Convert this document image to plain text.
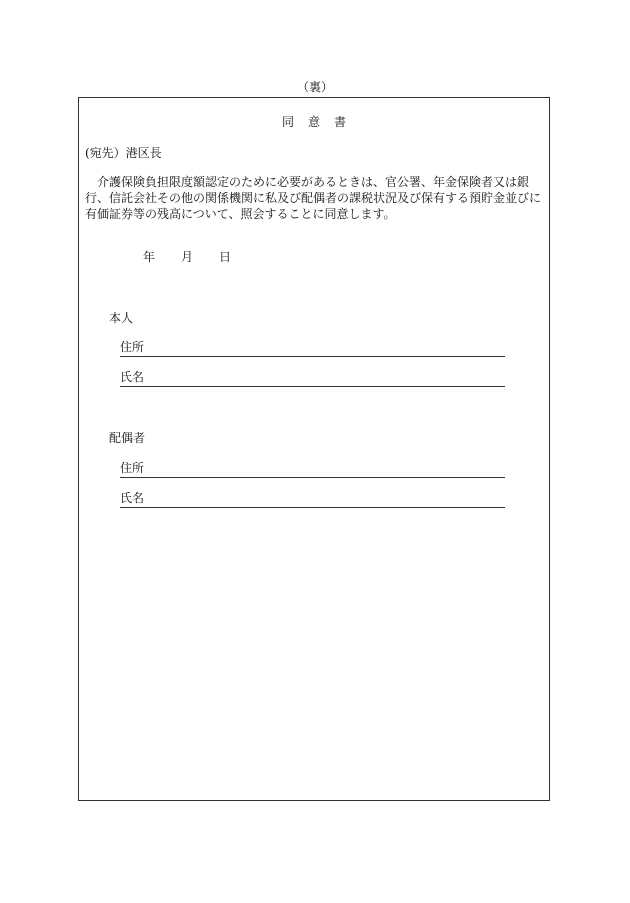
（裏）
同意書
(宛先）港区長
介護保険負担限度額認定のために必要があるときは、官公署、年金保険者又は銀行、信託会社その他の関係機関に私及び配偶者の課税状況及び保有する預貯金並びに有価証券等の残高について、照会することに同意します。
年 月 日
本人
住所
氏名
配偶者
住所
氏名
